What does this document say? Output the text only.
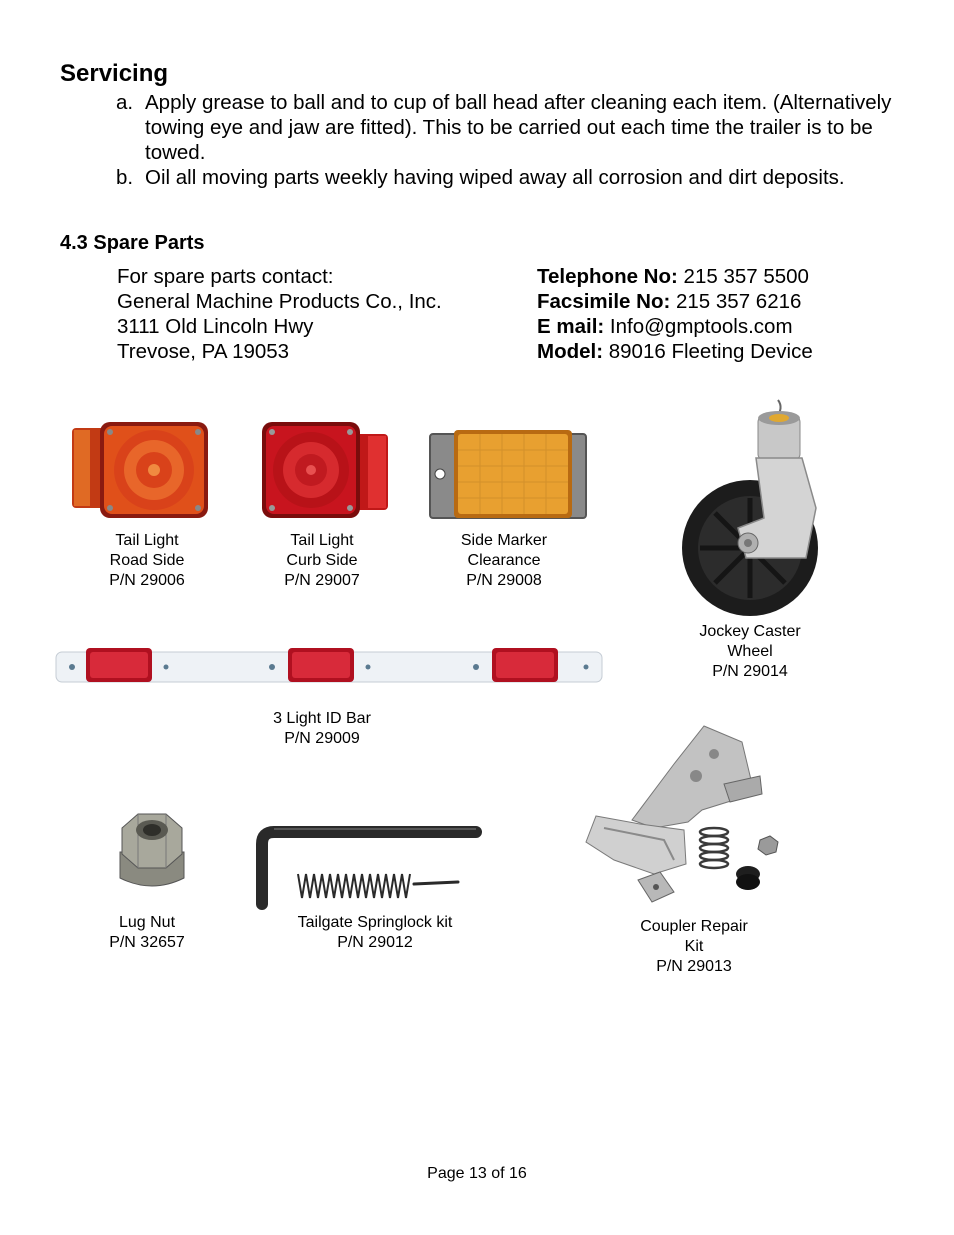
Servicing
a. Apply grease to ball and to cup of ball head after cleaning each item. (Alternatively towing eye and jaw are fitted). This to be carried out each time the trailer is to be towed.
b. Oil all moving parts weekly having wiped away all corrosion and dirt deposits.
4.3 Spare Parts
For spare parts contact:
General Machine Products Co., Inc.
3111 Old Lincoln Hwy
Trevose, PA 19053
Telephone No: 215 357 5500
Facsimile No: 215 357 6216
E mail: Info@gmptools.com
Model: 89016 Fleeting Device
Tail Light
Road Side
P/N 29006
Tail Light
Curb Side
P/N 29007
Side Marker
Clearance
P/N 29008
Jockey Caster
Wheel
P/N 29014
3 Light ID Bar
P/N 29009
Lug Nut
P/N 32657
Tailgate Springlock kit
P/N 29012
Coupler Repair
Kit
P/N 29013
Page 13 of 16
